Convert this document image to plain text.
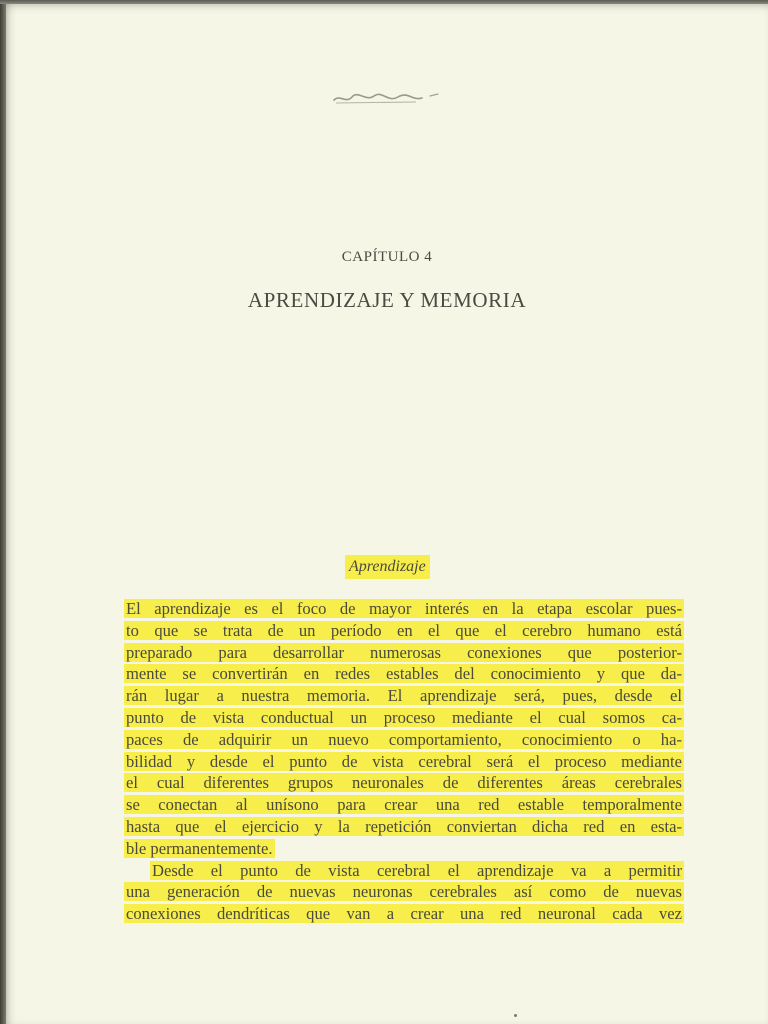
CAPÍTULO 4
APRENDIZAJE Y MEMORIA
Aprendizaje
El aprendizaje es el foco de mayor interés en la etapa escolar pues-
to que se trata de un período en el que el cerebro humano está
preparado para desarrollar numerosas conexiones que posterior-
mente se convertirán en redes estables del conocimiento y que da-
rán lugar a nuestra memoria. El aprendizaje será, pues, desde el
punto de vista conductual un proceso mediante el cual somos ca-
paces de adquirir un nuevo comportamiento, conocimiento o ha-
bilidad y desde el punto de vista cerebral será el proceso mediante
el cual diferentes grupos neuronales de diferentes áreas cerebrales
se conectan al unísono para crear una red estable temporalmente
hasta que el ejercicio y la repetición conviertan dicha red en esta-
ble permanentemente.
Desde el punto de vista cerebral el aprendizaje va a permitir
una generación de nuevas neuronas cerebrales así como de nuevas
conexiones dendríticas que van a crear una red neuronal cada vez
